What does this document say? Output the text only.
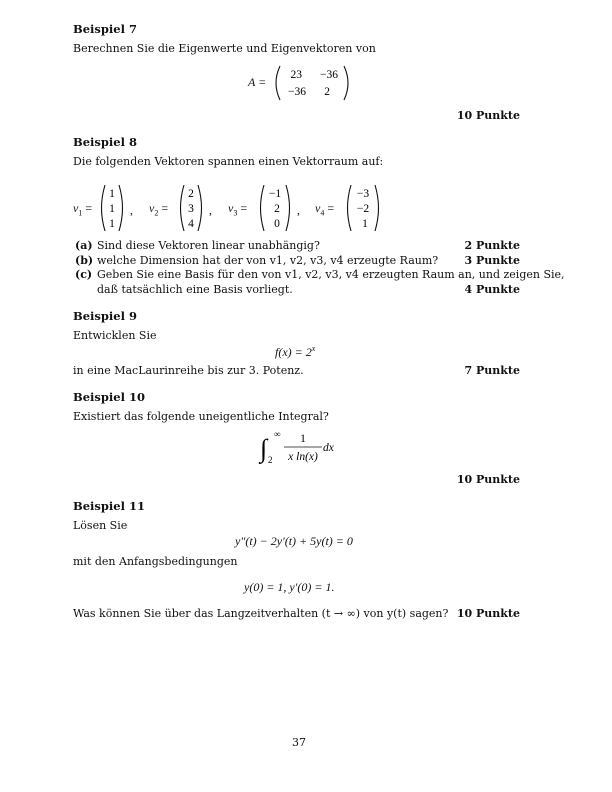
Beispiel 7
Berechnen Sie die Eigenwerte und Eigenvektoren von
A = 23 −36
−36 2
10 Punkte
Beispiel 8
Die folgenden Vektoren spannen einen Vektorraum auf:
$v_1$ =
1
1
1
, $v_2$ =
2
3
4
, $v_3$ =
−1
2
0
, $v_4$ =
−3
−2
1
(a) Sind diese Vektoren linear unabhängig?	2 Punkte
(b) welche Dimension hat der von v1, v2, v3, v4 erzeugte Raum? 3 Punkte
(c) Geben Sie eine Basis für den von v1, v2, v3, v4 erzeugten Raum an, und zeigen Sie,
daß tatsächlich eine Basis vorliegt.	4 Punkte
Beispiel 9
Entwicklen Sie
$f(x) = 2^x$
in eine MacLaurinreihe bis zur 3. Potenz.	7 Punkte
Beispiel 10
Existiert das folgende uneigentliche Integral?
∫ ∞
2
1
x ln(x)
dx
10 Punkte
Beispiel 11
Lösen Sie
y″(t) − 2y′(t) + 5y(t) = 0
mit den Anfangsbedingungen
y(0) = 1, y′(0) = 1.
Was können Sie über das Langzeitverhalten (t → ∞) von y(t) sagen? 10 Punkte
37
